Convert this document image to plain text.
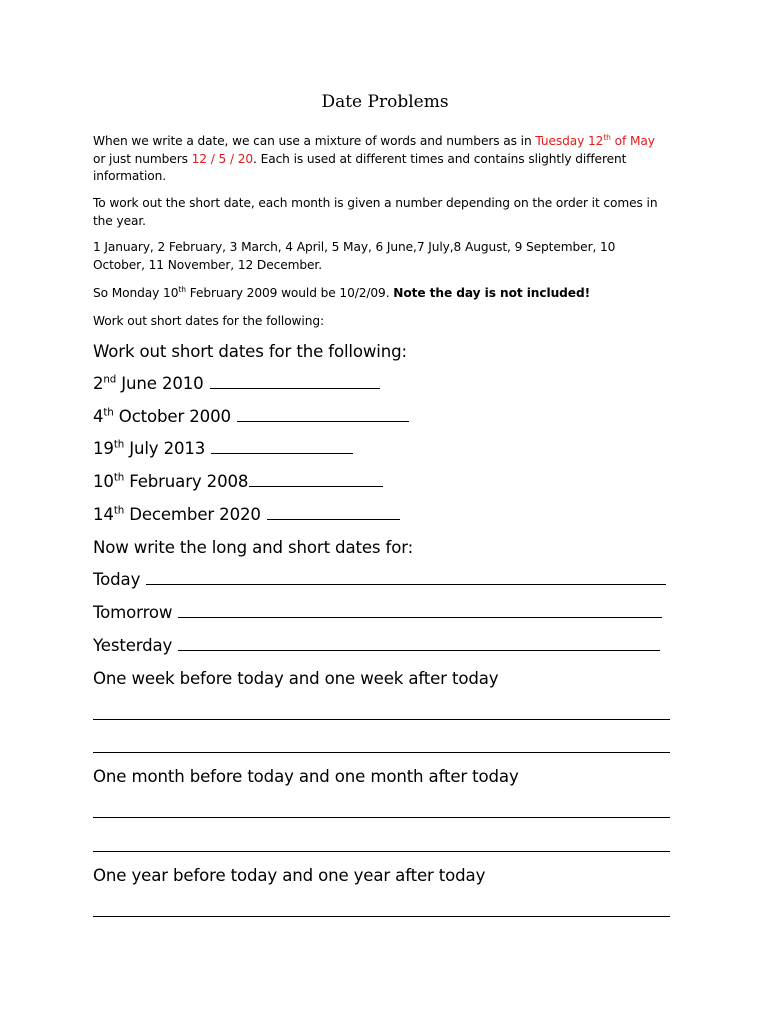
Date Problems
When we write a date, we can use a mixture of words and numbers as in Tuesday 12th of May or just numbers 12 / 5 / 20. Each is used at different times and contains slightly different information.
To work out the short date, each month is given a number depending on the order it comes in the year.
1 January, 2 February, 3 March, 4 April, 5 May, 6 June,7 July,8 August, 9 September, 10 October, 11 November, 12 December.
So Monday 10th February 2009 would be 10/2/09. Note the day is not included!
Work out short dates for the following:
Work out short dates for the following:
2nd June 2010
4th October 2000
19th July 2013
10th February 2008
14th December 2020
Now write the long and short dates for:
Today
Tomorrow
Yesterday
One week before today and one week after today
One month before today and one month after today
One year before today and one year after today
